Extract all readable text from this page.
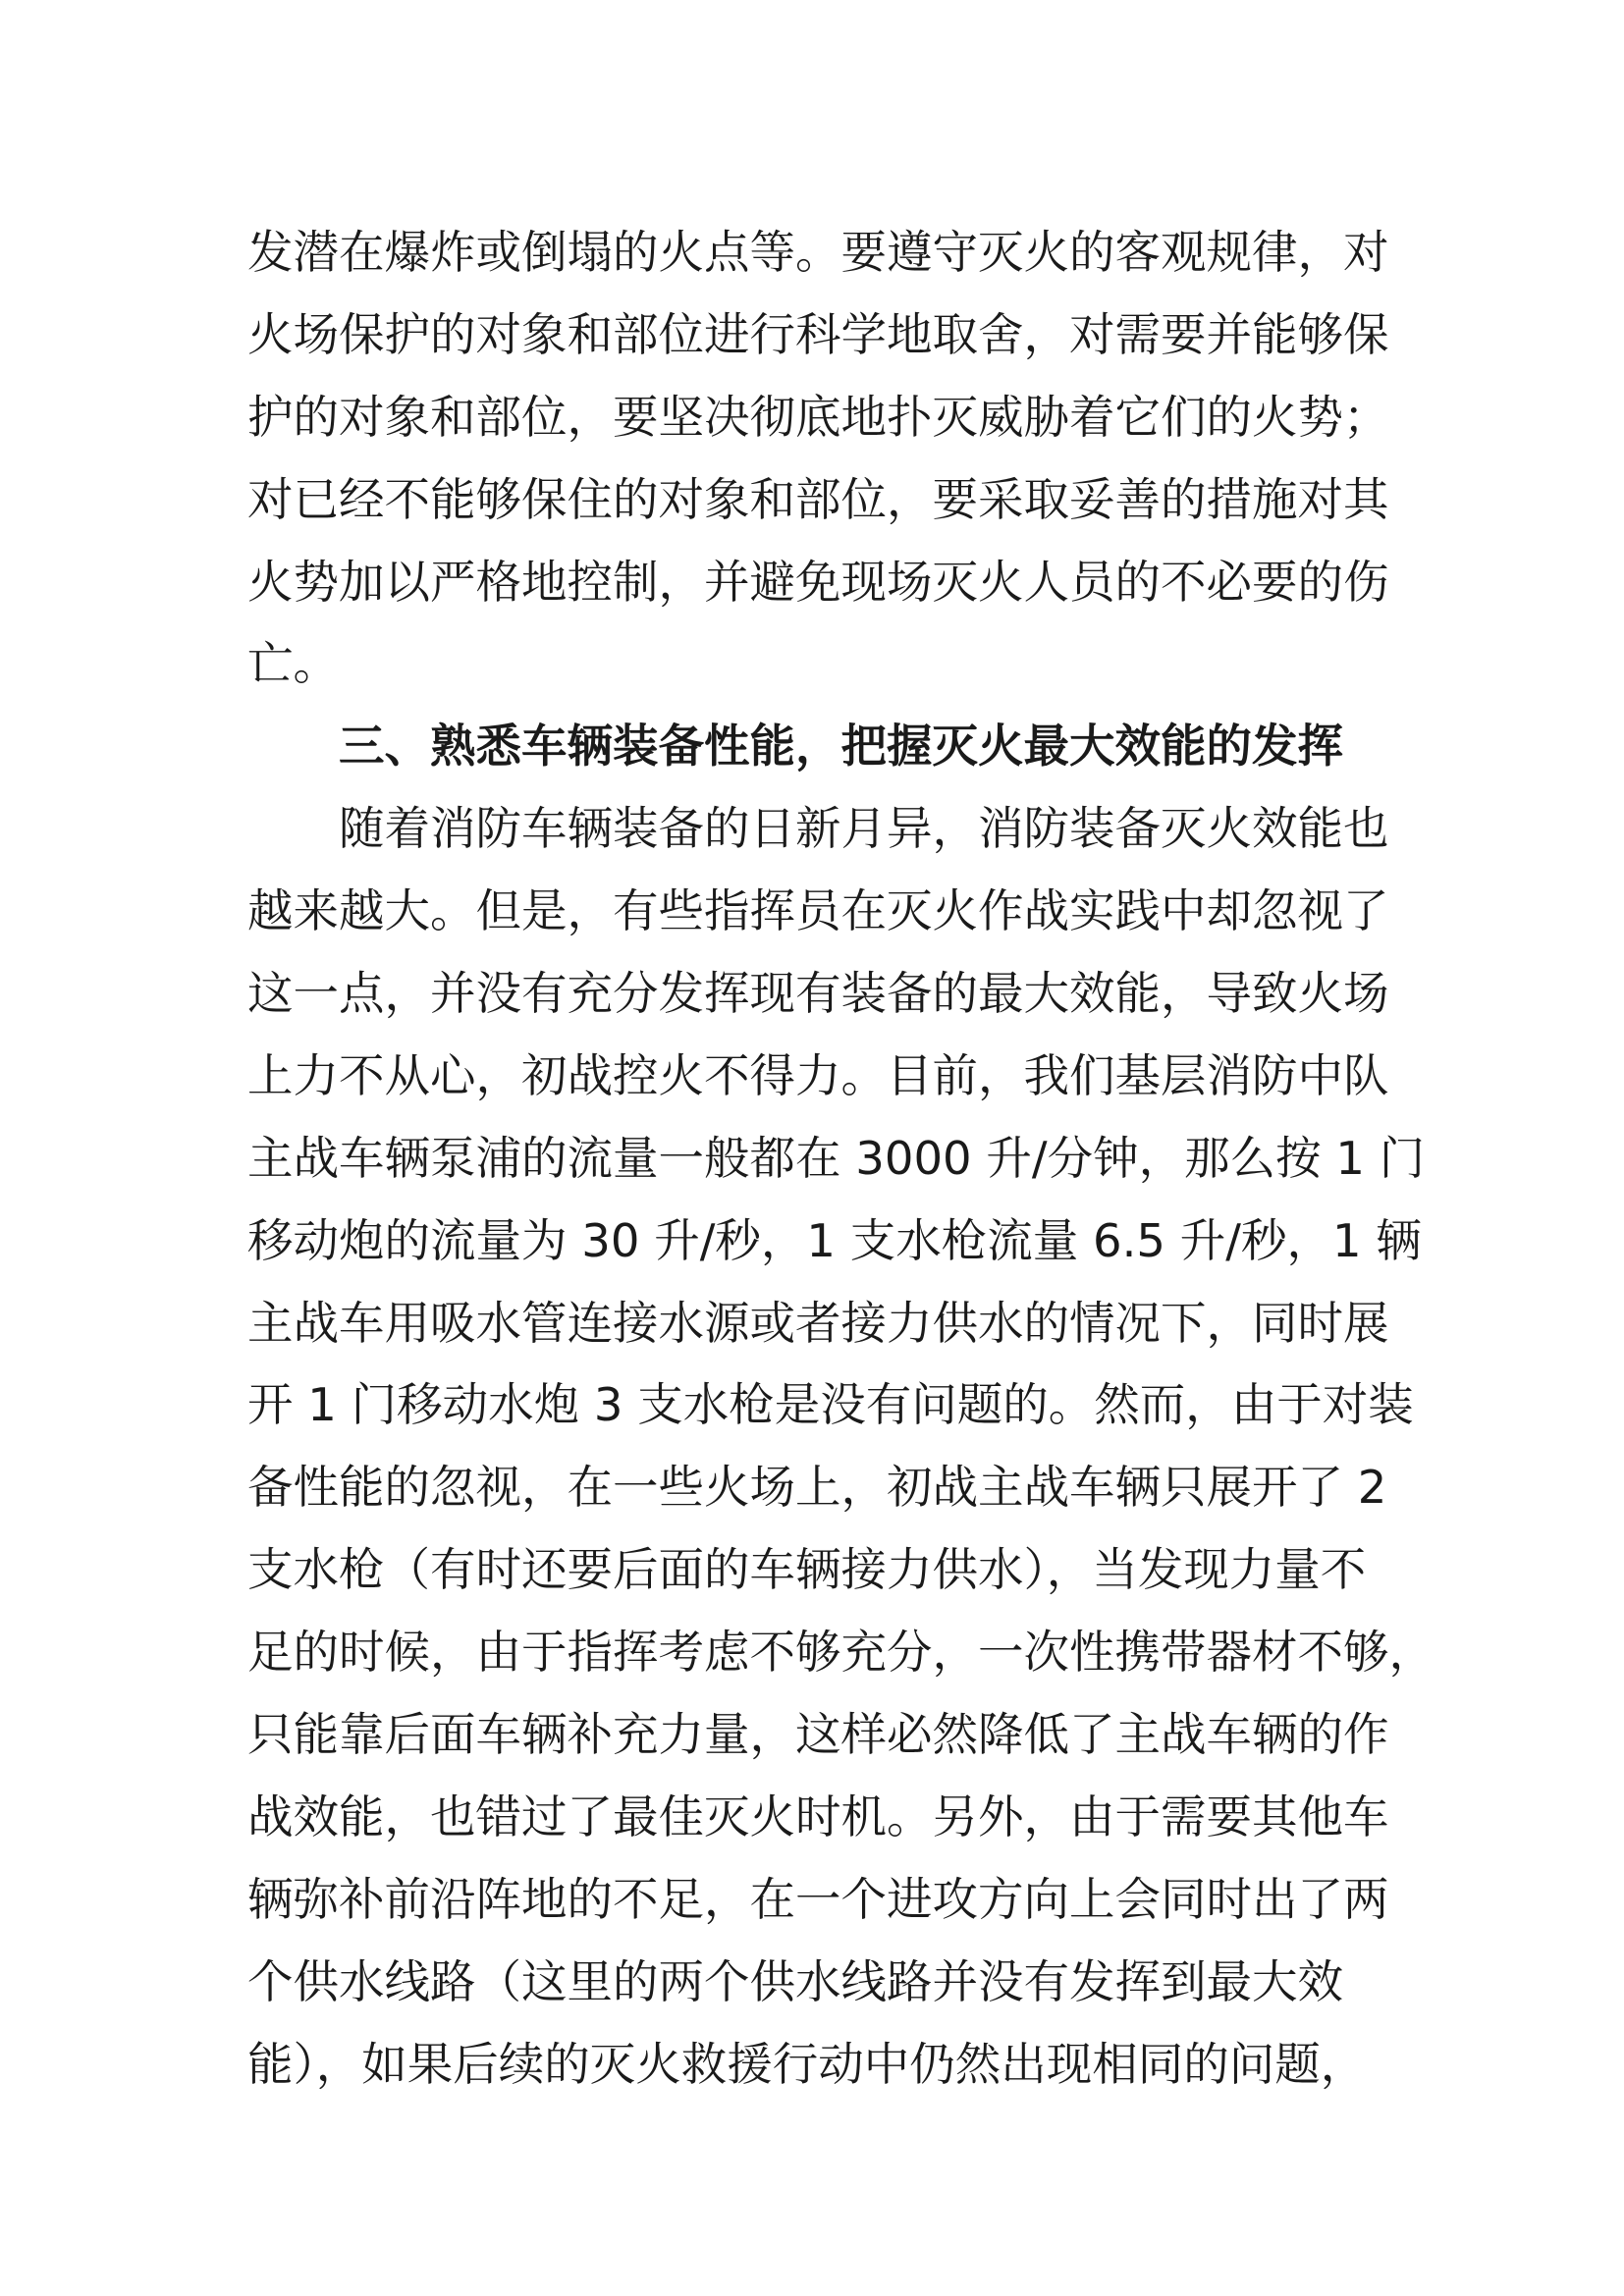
发潜在爆炸或倒塌的火点等。要遵守灭火的客观规律，对
火场保护的对象和部位进行科学地取舍，对需要并能够保
护的对象和部位，要坚决彻底地扑灭威胁着它们的火势；
对已经不能够保住的对象和部位，要采取妥善的措施对其
火势加以严格地控制，并避免现场灭火人员的不必要的伤
亡。
三、熟悉车辆装备性能，把握灭火最大效能的发挥
随着消防车辆装备的日新月异，消防装备灭火效能也
越来越大。但是，有些指挥员在灭火作战实践中却忽视了
这一点，并没有充分发挥现有装备的最大效能，导致火场
上力不从心，初战控火不得力。目前，我们基层消防中队
主战车辆泵浦的流量一般都在 3000 升/分钟，那么按 1 门
移动炮的流量为 30 升/秒，1 支水枪流量 6.5 升/秒，1 辆
主战车用吸水管连接水源或者接力供水的情况下，同时展
开 1 门移动水炮 3 支水枪是没有问题的。然而，由于对装
备性能的忽视，在一些火场上，初战主战车辆只展开了 2
支水枪（有时还要后面的车辆接力供水），当发现力量不
足的时候，由于指挥考虑不够充分，一次性携带器材不够，
只能靠后面车辆补充力量，这样必然降低了主战车辆的作
战效能，也错过了最佳灭火时机。另外，由于需要其他车
辆弥补前沿阵地的不足，在一个进攻方向上会同时出了两
个供水线路（这里的两个供水线路并没有发挥到最大效
能），如果后续的灭火救援行动中仍然出现相同的问题，
